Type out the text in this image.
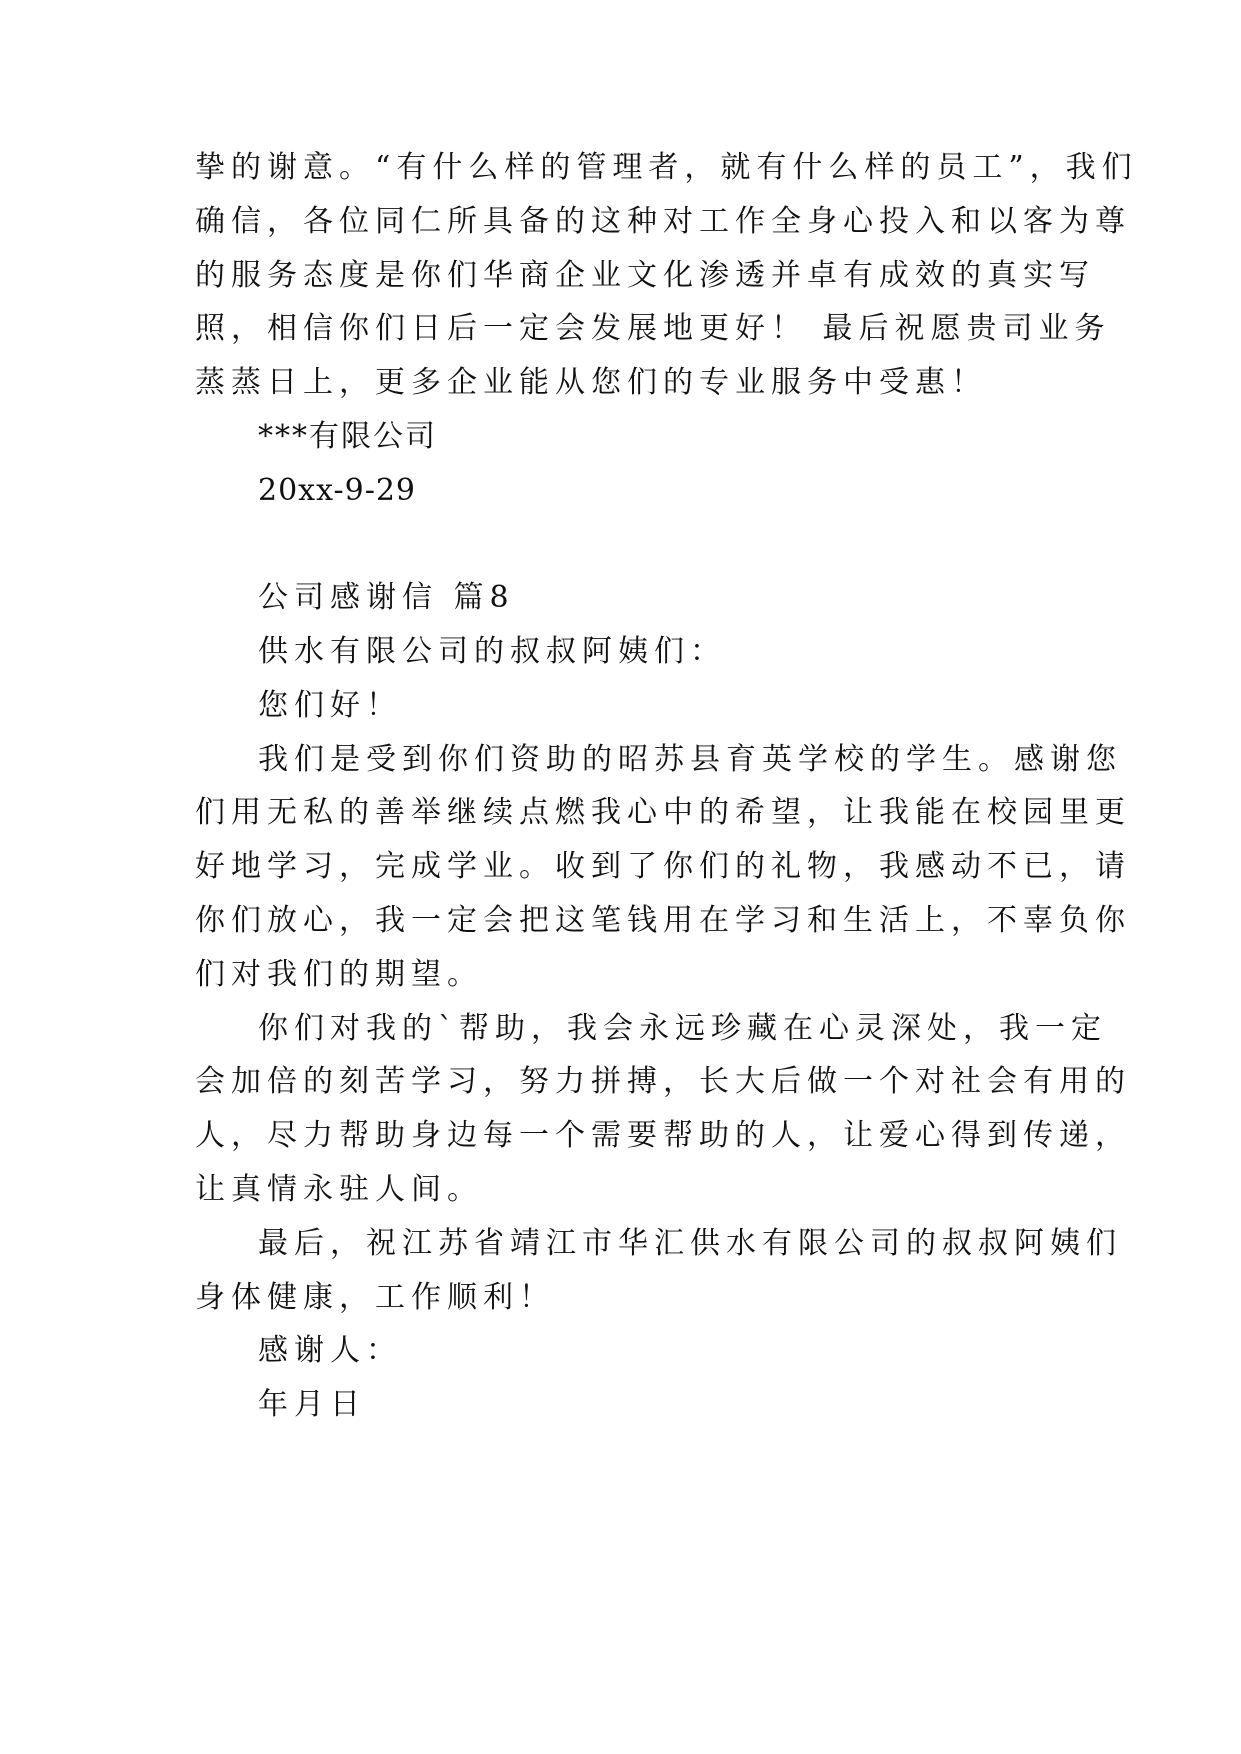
挚的谢意。“有什么样的管理者，就有什么样的员工”，我们

确信，各位同仁所具备的这种对工作全身心投入和以客为尊

的服务态度是你们华商企业文化渗透并卓有成效的真实写

照，相信你们日后一定会发展地更好！ 最后祝愿贵司业务

蒸蒸日上，更多企业能从您们的专业服务中受惠！

***有限公司

20xx-9-29

公司感谢信 篇8

供水有限公司的叔叔阿姨们：

您们好！

我们是受到你们资助的昭苏县育英学校的学生。感谢您

们用无私的善举继续点燃我心中的希望，让我能在校园里更

好地学习，完成学业。收到了你们的礼物，我感动不已，请

你们放心，我一定会把这笔钱用在学习和生活上，不辜负你

们对我们的期望。

你们对我的`帮助，我会永远珍藏在心灵深处，我一定

会加倍的刻苦学习，努力拼搏，长大后做一个对社会有用的

人，尽力帮助身边每一个需要帮助的人，让爱心得到传递，

让真情永驻人间。

最后，祝江苏省靖江市华汇供水有限公司的叔叔阿姨们

身体健康，工作顺利！

感谢人：

年月日
